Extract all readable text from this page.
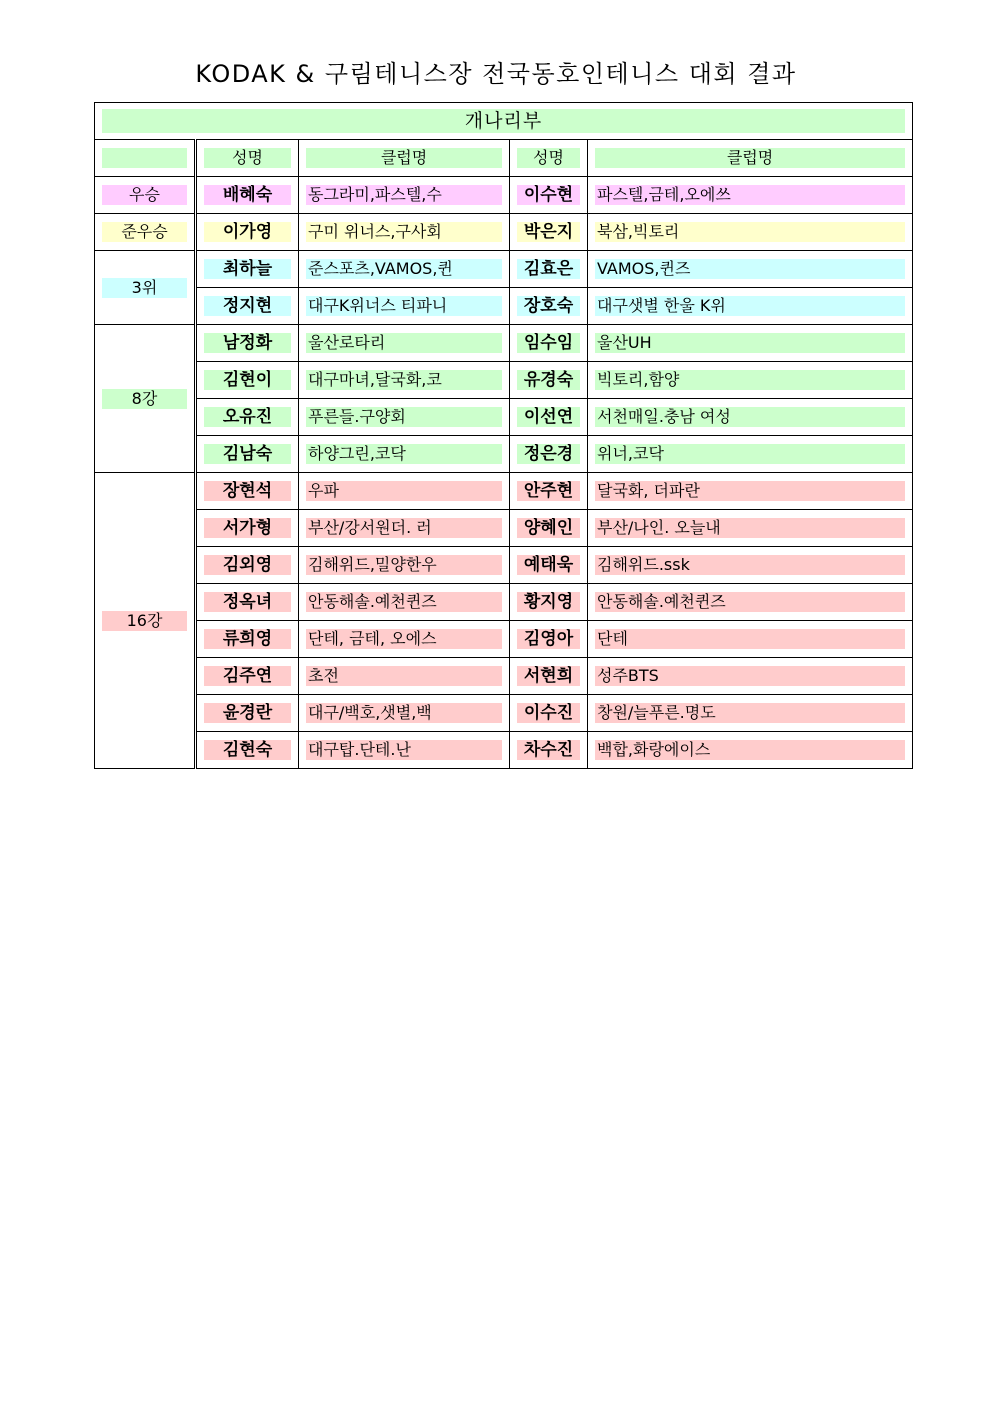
KODAK & 구림테니스장 전국동호인테니스 대회 결과
개나리부				

	성명	클럽명	성명	클럽명

우승	배혜숙	동그라미,파스텔,수	이수현	파스텔,금테,오에쓰

준우승	이가영	구미 위너스,구사회	박은지	북삼,빅토리

3위	최하늘	준스포츠,VAMOS,퀸	김효은	VAMOS,퀸즈

	정지현	대구K위너스 티파니	장호숙	대구샛별 한울 K위

8강	남정화	울산로타리	임수임	울산UH

	김현이	대구마녀,달국화,코	유경숙	빅토리,함양

	오유진	푸른들.구양회	이선연	서천매일.충남 여성

	김남숙	하양그린,코닥	정은경	위너,코닥

16강	장현석	우파	안주현	달국화, 더파란

	서가형	부산/강서원더. 러	양혜인	부산/나인. 오늘내

	김외영	김해위드,밀양한우	예태욱	김해위드.ssk

	정옥녀	안동해솔.예천퀸즈	황지영	안동해솔.예천퀸즈

	류희영	단테, 금테, 오에스	김영아	단테

	김주연	초전	서현희	성주BTS

	윤경란	대구/백호,샛별,백	이수진	창원/늘푸른.명도

	김현숙	대구탑.단테.난	차수진	백합,화랑에이스
